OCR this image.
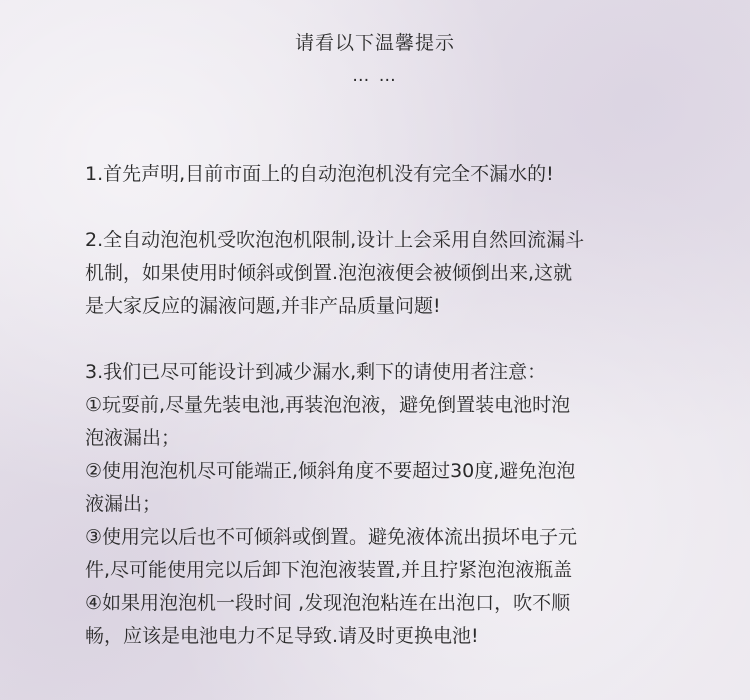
请看以下温馨提示
… …
1.首先声明,目前市面上的自动泡泡机没有完全不漏水的!
2.全自动泡泡机受吹泡泡机限制,设计上会采用自然回流漏斗
机制，如果使用时倾斜或倒置.泡泡液便会被倾倒出来,这就
是大家反应的漏液问题,并非产品质量问题!
3.我们已尽可能设计到减少漏水,剩下的请使用者注意：
①玩耍前,尽量先装电池,再装泡泡液，避免倒置装电池时泡
泡液漏出；
②使用泡泡机尽可能端正,倾斜角度不要超过30度,避免泡泡
液漏出；
③使用完以后也不可倾斜或倒置。避免液体流出损坏电子元
件,尽可能使用完以后卸下泡泡液装置,并且拧紧泡泡液瓶盖
④如果用泡泡机一段时间 ,发现泡泡粘连在出泡口，吹不顺
畅，应该是电池电力不足导致.请及时更换电池!
